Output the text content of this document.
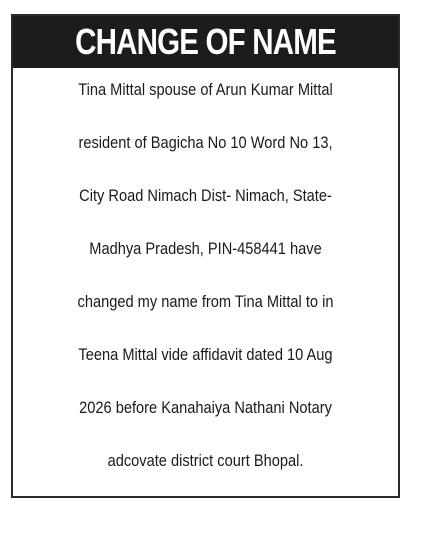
CHANGE OF NAME
Tina Mittal spouse of Arun Kumar Mittal
resident of Bagicha No 10 Word No 13,
City Road Nimach Dist- Nimach, State-
Madhya Pradesh, PIN-458441 have
changed my name from Tina Mittal to in
Teena Mittal vide affidavit dated 10 Aug
2026 before Kanahaiya Nathani Notary
adcovate district court Bhopal.
